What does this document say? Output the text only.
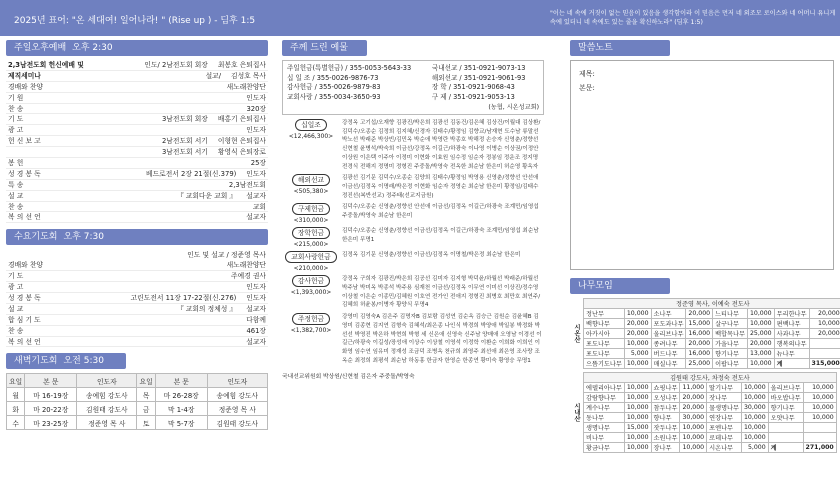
2025년 표어: "온 세대여! 일어나라! " (Rise up ) - 딤후 1:5
"이는 네 속에 거짓이 없는 믿음이 있음을 생각함이라 이 믿음은 먼저 네 외조모 로이스와 네 어머니 유니게 속에 있더니 네 속에도 있는 줄을 확신하노라" (딤후 1:5)
주일오후예배 오후 2:30
2,3남전도회 헌신예배 및	인도/ 2남전도회 회장	최봉호 은퇴집사
제직세미나	설교/	김성호 목사
경배와 찬양	새노래찬양단
기 원	인도자
찬 송	320장
기 도	3남전도회 회장	배홍기 은퇴집사
광 고	인도자
헌 신 보 고	2남전도회 서기	이형현 은퇴집사
3남전도회 서기	황영식 은퇴장로
봉 헌	25장
성 경 봉 독	베드로전서 2장 21절(신.379)	인도자
특 송	2,3남전도회
설 교	『 교회다운 교회 』	설교자
찬 송	교회
복 의 선 언	설교자
수요기도회 오후 7:30
인도 및 설교 / 정준영 목사
경배와 찬양	새노래찬양단
기 도	주예경 권사
광 고	인도자
성 경 봉 독	고린도전서 11장 17-22절(신.276)	인도자
설 교	『 교회의 정체성 』	설교자
합 심 기 도	다함께
찬 송	461장
복 의 선 언	설교자
새벽기도회 오전 5:30
요일	본 문	인도자	요일	본 문	인도자
월	마 16-19장	송예힘 강도사	목	마 26-28장	송예힘 강도사
화	마 20-22장	김원태 강도사	금	막 1-4장	정준영 목 사
수	마 23-25장	정준영 목 사	토	막 5-7장	김원태 강도사
주께 드린 예물
주일헌금(특별헌금) / 355-0053-5643-33	국내선교 / 351-0921-9073-13
십 일 조 / 355-0026-9876-73	해외선교 / 351-0921-9061-93
감사헌금 / 355-0026-9879-83	장 학 / 351-0921-9068-43
교회사랑 / 355-0034-3650-93	구 제 / 351-0921-9053-13
(농협, 시온성교회)
십일조
<12,466,300>
강정옥 고기섭/오재향 김광진/박은희 김광선 김동건/김은혜 김상건/이월대 김상환/ 김덕수/오종순 김정희 김지혜/신경자 김태수/황정임 김향교/남재현 도수남 류말선 박노선 박래준 박상빈/김민옥 박순애 박영란 박종호 박해정 손승자 신영춘/정향선 신현철 윤병석/박숙희 이금선/강정옥 이길근/하광숙 이나영 이병순 이상권/이정안 이상원 이은택 이주아 이정미 이현화 이효원 임수정 임순자 정봉임 정운조 정지명 전경식 전해지 정명미 정형진 주중돌/박영숙 전옥한 최순남 한은미 허순영 황옥자
해외선교
<505,380>
김광선 김기문 김덕수/오종순 김양희 김태수/황정임 박영용 신영춘/정향선 안선애 이금선/김정옥 이명래/박은정 이현화 임순자 정영순 최순남 한은미 황정임/김태수 정진선(복반선교) 정주태(선교지금원)
구제헌금
<310,000>
김덕수/오종순 신영춘/정향선 안선애 이금선/김정옥 이길근/하광숙 조계민/임영섭 주중돌/박영숙 최순남 한은미
장학헌금
<215,000>
김덕수/오종순 신영춘/정향선 이금선/김정옥 이길근/하광숙 조계민/임영섭 최순남 한은미 무명1
교회사랑헌금
<210,000>
김정옥 김기문 신영춘/정향선 이금선/김정옥 이명철/박은정 최순남 한은미
감사헌금
<1,393,000>
강정옥 구희자 김광진/박은희 김공선 김미자 김지형 박덕윤/하월선 박래준/하월선 박주남 박미옥 박종석 박주용 심재천 이금선/김정옥 이무연 이미선 이상진/정수영 이상철 이은순 이종민/김혜원 이호연 전가인 전애지 정형진 최병호 최만호 최연주/김혜희 허윤봉/이병자 황양식 무명4
주정헌금
<1,382,700>
강영미 김영숙A 김은주 김명자B 김보람 김성연 김순옥 김승근 김원순 김윤혜B 김영미 김종현 김지연 김형숙 김혜석/최은종 나인식 박경희 박양애 박일봉 박정화 박선선 박영진 박은하 박현희 박형 세 신은애 신영숙 신주남 양매애 오영남 이경선 이길근/하광숙 이길성/장성애 이상수 이상철 이영석 이정학 이환순 이희화 이희인 이화영 임수연 임유미 정재성 조금덕 조병옥 천규희 최영주 최선애 최은영 조사랑 조옥순 최정희 최평석 최순남 하동홍 한금자 한영순 한종연 황미숙 황영승 무명1
국내선교위원회 박상원/신현철 김은자 주중돌/박영숙
말씀노트
제목:
본문:
나무모임
시온산	정준영 목사, 이예숙 전도사							
	정난무	10,000	소나무	20,000	느티나무	10,000	무리한나무	20,000
	백향나무	20,000	포도과나무	15,000	살구나무	10,000	편백나무	10,000
	아카시아	20,000	올리브나무	16,000	백합목나무	25,000	사과나무	20,000
	포도나무	10,000	종려나무	20,000	가을나무	20,000	행복의나무	
	포도나무	5,000	버드나무	16,000	향기나무	13,000	뉴나무	
	으뜸기도나무	10,000	매실나무	25,000	이팝나무	10,000	계	315,000
시내산	김원태 강도사, 차정숙 전도사							
	에델리아나무	10,000	쇼핑나무	11,000	딸기나무	10,000	올리브나무	10,000
	감람향나무	10,000	오성나무	20,000	잣나무	10,000	바오밥나무	10,000
	계수나무	10,000	참두나무	20,000	물생명나무	30,000	향기나무	10,000
	동나무	10,000	향나무	30,000	연장나무	10,000	오얏나무	10,000
	생명나무	15,000	잣두나무	10,000	포엔나무	10,000		
	비나무	10,000	소원나무	10,000	로데나무	10,000		
	황금나무	10,000	장나무	10,000	시온나무	5,000	계	271,000
